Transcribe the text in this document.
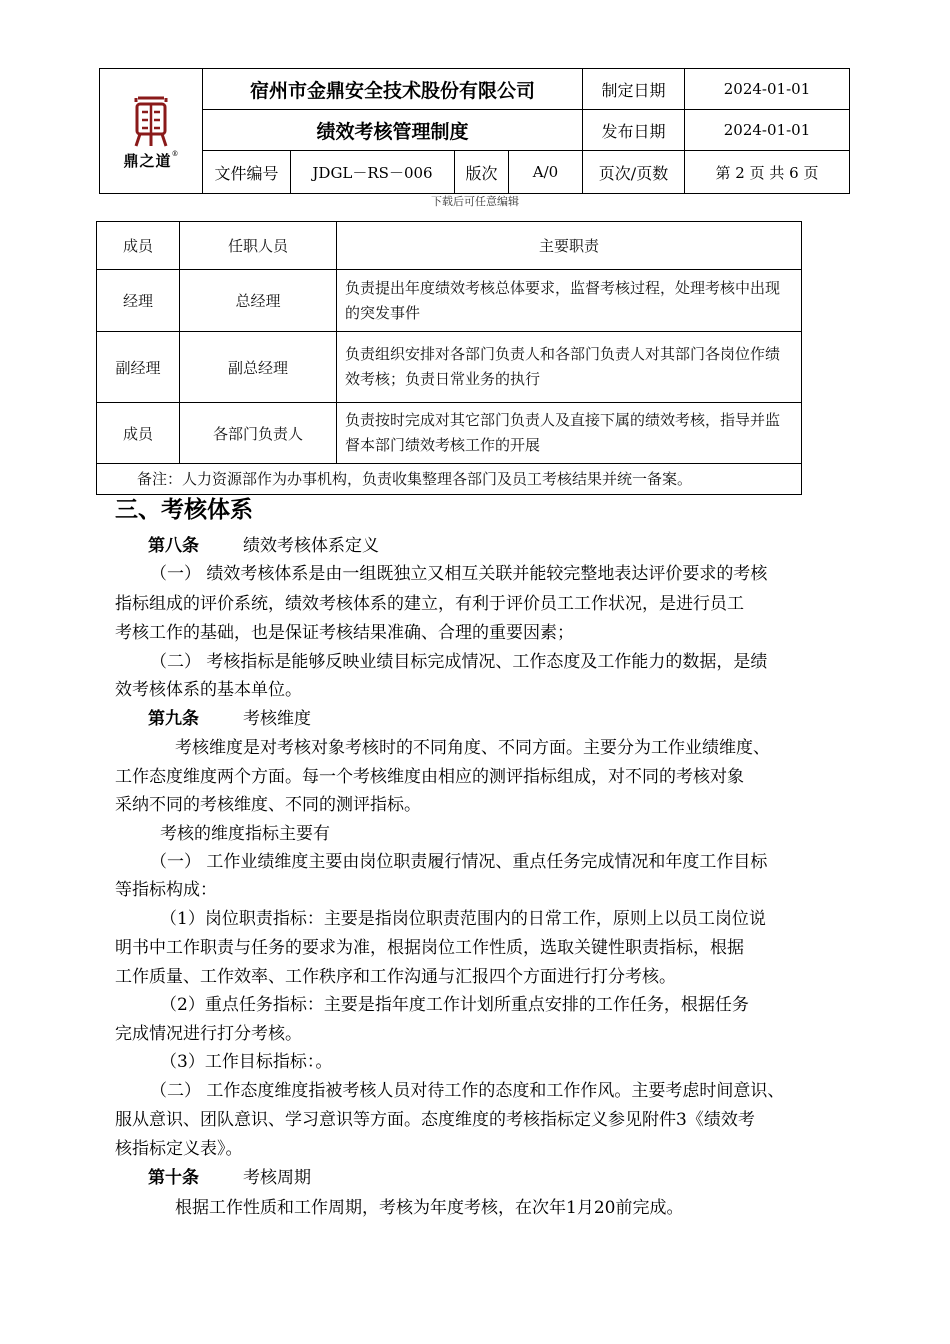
鼎之道 ®
宿州市金鼎安全技术股份有限公司
绩效考核管理制度
制定日期	2024-01-01
发布日期	2024-01-01
文件编号	JDGL－RS－006	版次	A/0	页次/页数	第 2 页 共 6 页
下载后可任意编辑
成员	任职人员	主要职责
经理	总经理	负责提出年度绩效考核总体要求，监督考核过程，处理考核中出现的突发事件
副经理	副总经理	负责组织安排对各部门负责人和各部门负责人对其部门各岗位作绩效考核；负责日常业务的执行
成员	各部门负责人	负责按时完成对其它部门负责人及直接下属的绩效考核，指导并监督本部门绩效考核工作的开展
备注：人力资源部作为办事机构，负责收集整理各部门及员工考核结果并统一备案。		
三、考核体系
第八条	绩效考核体系定义
（一） 绩效考核体系是由一组既独立又相互关联并能较完整地表达评价要求的考核
指标组成的评价系统，绩效考核体系的建立，有利于评价员工工作状况，是进行员工
考核工作的基础，也是保证考核结果准确、合理的重要因素；
（二） 考核指标是能够反映业绩目标完成情况、工作态度及工作能力的数据，是绩
效考核体系的基本单位。
第九条	考核维度
考核维度是对考核对象考核时的不同角度、不同方面。主要分为工作业绩维度、
工作态度维度两个方面。每一个考核维度由相应的测评指标组成，对不同的考核对象
采纳不同的考核维度、不同的测评指标。
考核的维度指标主要有
（一） 工作业绩维度主要由岗位职责履行情况、重点任务完成情况和年度工作目标
等指标构成：
（1）岗位职责指标：主要是指岗位职责范围内的日常工作，原则上以员工岗位说
明书中工作职责与任务的要求为准，根据岗位工作性质，选取关键性职责指标，根据
工作质量、工作效率、工作秩序和工作沟通与汇报四个方面进行打分考核。
（2）重点任务指标：主要是指年度工作计划所重点安排的工作任务，根据任务
完成情况进行打分考核。
（3）工作目标指标：。
（二） 工作态度维度指被考核人员对待工作的态度和工作作风。主要考虑时间意识、
服从意识、团队意识、学习意识等方面。态度维度的考核指标定义参见附件3《绩效考
核指标定义表》。
第十条	考核周期
根据工作性质和工作周期，考核为年度考核，在次年1月20前完成。
